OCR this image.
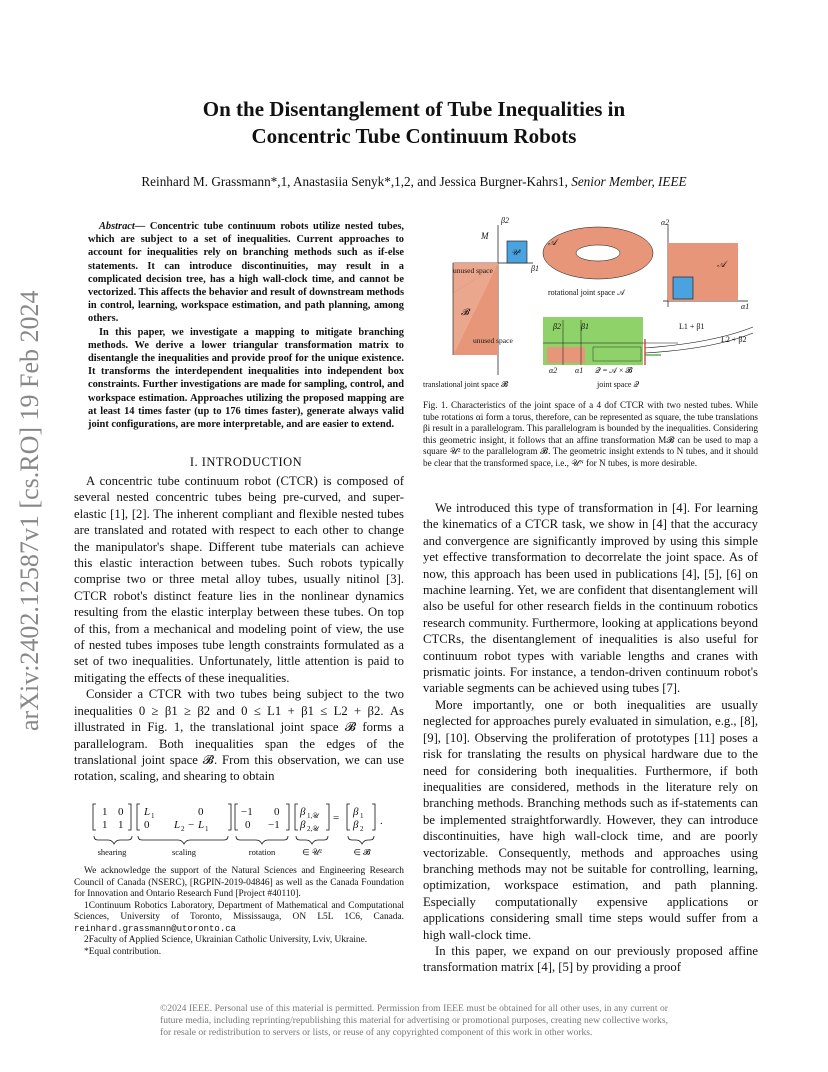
On the Disentanglement of Tube Inequalities in
Concentric Tube Continuum Robots
Reinhard M. Grassmann*,1, Anastasiia Senyk*,1,2, and Jessica Burgner-Kahrs1, Senior Member, IEEE
arXiv:2402.12587v1 [cs.RO] 19 Feb 2024

Abstract— Concentric tube continuum robots utilize nested tubes, which are subject to a set of inequalities. Current approaches to account for inequalities rely on branching methods such as if-else statements. It can introduce discontinuities, may result in a complicated decision tree, has a high wall-clock time, and cannot be vectorized. This affects the behavior and result of downstream methods in control, learning, workspace estimation, and path planning, among others.

In this paper, we investigate a mapping to mitigate branching methods. We derive a lower triangular transformation matrix to disentangle the inequalities and provide proof for the unique existence. It transforms the interdependent inequalities into independent box constraints. Further investigations are made for sampling, control, and workspace estimation. Approaches utilizing the proposed mapping are at least 14 times faster (up to 176 times faster), generate always valid joint configurations, are more interpretable, and are easier to extend.

I. INTRODUCTION

A concentric tube continuum robot (CTCR) is composed of several nested concentric tubes being pre-curved, and super-elastic [1], [2]. The inherent compliant and flexible nested tubes are translated and rotated with respect to each other to change the manipulator's shape. Different tube materials can achieve this elastic interaction between tubes. Such robots typically comprise two or three metal alloy tubes, usually nitinol [3]. CTCR robot's distinct feature lies in the nonlinear dynamics resulting from the elastic interplay between these tubes. On top of this, from a mechanical and modeling point of view, the use of nested tubes imposes tube length constraints formulated as a set of two inequalities. Unfortunately, little attention is paid to mitigating the effects of these inequalities.

Consider a CTCR with two tubes being subject to the two inequalities 0 ≥ β1 ≥ β2 and 0 ≤ L1 + β1 ≤ L2 + β2. As illustrated in Fig. 1, the translational joint space 𝓑 forms a parallelogram. Both inequalities span the edges of the translational joint space 𝓑. From this observation, we can use rotation, scaling, and shearing to obtain

1 0
1 1
L 1	0
0 L 2 − L 1
−1 0
0 −1
β 1,𝒰
β 2,𝒰
= β 1
β 2
.
shearing	scaling	rotation	∈ 𝒰²	∈ 𝓑

We acknowledge the support of the Natural Sciences and Engineering Research Council of Canada (NSERC), [RGPIN-2019-04846] as well as the Canada Foundation for Innovation and Ontario Research Fund [Project #40110].

1Continuum Robotics Laboratory, Department of Mathematical and Computational Sciences, University of Toronto, Mississauga, ON L5L 1C6, Canada. reinhard.grassmann@utoronto.ca

2Faculty of Applied Science, Ukrainian Catholic University, Lviv, Ukraine.

*Equal contribution.

M
𝒰²
𝓑
β2
β1
unused space
unused space
translational joint space 𝓑
𝒜
𝒜
α2
α1
rotational joint space 𝒜
β2	β1
α2 α1 𝒬 = 𝒜 × 𝓑
L1 + β1
L2 + β2
joint space 𝒬
Fig. 1. Characteristics of the joint space of a 4 dof CTCR with two nested tubes. While tube rotations αi form a torus, therefore, can be represented as square, the tube translations βi result in a parallelogram. This parallelogram is bounded by the inequalities. Considering this geometric insight, it follows that an affine transformation M𝓑 can be used to map a square 𝒰² to the parallelogram 𝓑. The geometric insight extends to N tubes, and it should be clear that the transformed space, i.e., 𝒰ᴺ for N tubes, is more desirable.

We introduced this type of transformation in [4]. For learning the kinematics of a CTCR task, we show in [4] that the accuracy and convergence are significantly improved by using this simple yet effective transformation to decorrelate the joint space. As of now, this approach has been used in publications [4], [5], [6] on machine learning. Yet, we are confident that disentanglement will also be useful for other research fields in the continuum robotics research community. Furthermore, looking at applications beyond CTCRs, the disentanglement of inequalities is also useful for continuum robot types with variable lengths and cranes with prismatic joints. For instance, a tendon-driven continuum robot's variable segments can be achieved using tubes [7].

More importantly, one or both inequalities are usually neglected for approaches purely evaluated in simulation, e.g., [8], [9], [10]. Observing the proliferation of prototypes [11] poses a risk for translating the results on physical hardware due to the need for considering both inequalities. Furthermore, if both inequalities are considered, methods in the literature rely on branching methods. Branching methods such as if-statements can be implemented straightforwardly. However, they can introduce discontinuities, have high wall-clock time, and are poorly vectorizable. Consequently, methods and approaches using branching methods may not be suitable for controlling, learning, optimization, workspace estimation, and path planning. Especially computationally expensive applications or applications considering small time steps would suffer from a high wall-clock time.

In this paper, we expand on our previously proposed affine transformation matrix [4], [5] by providing a proof

©2024 IEEE. Personal use of this material is permitted. Permission from IEEE must be obtained for all other uses, in any current or future media, including reprinting/republishing this material for advertising or promotional purposes, creating new collective works, for resale or redistribution to servers or lists, or reuse of any copyrighted component of this work in other works.
